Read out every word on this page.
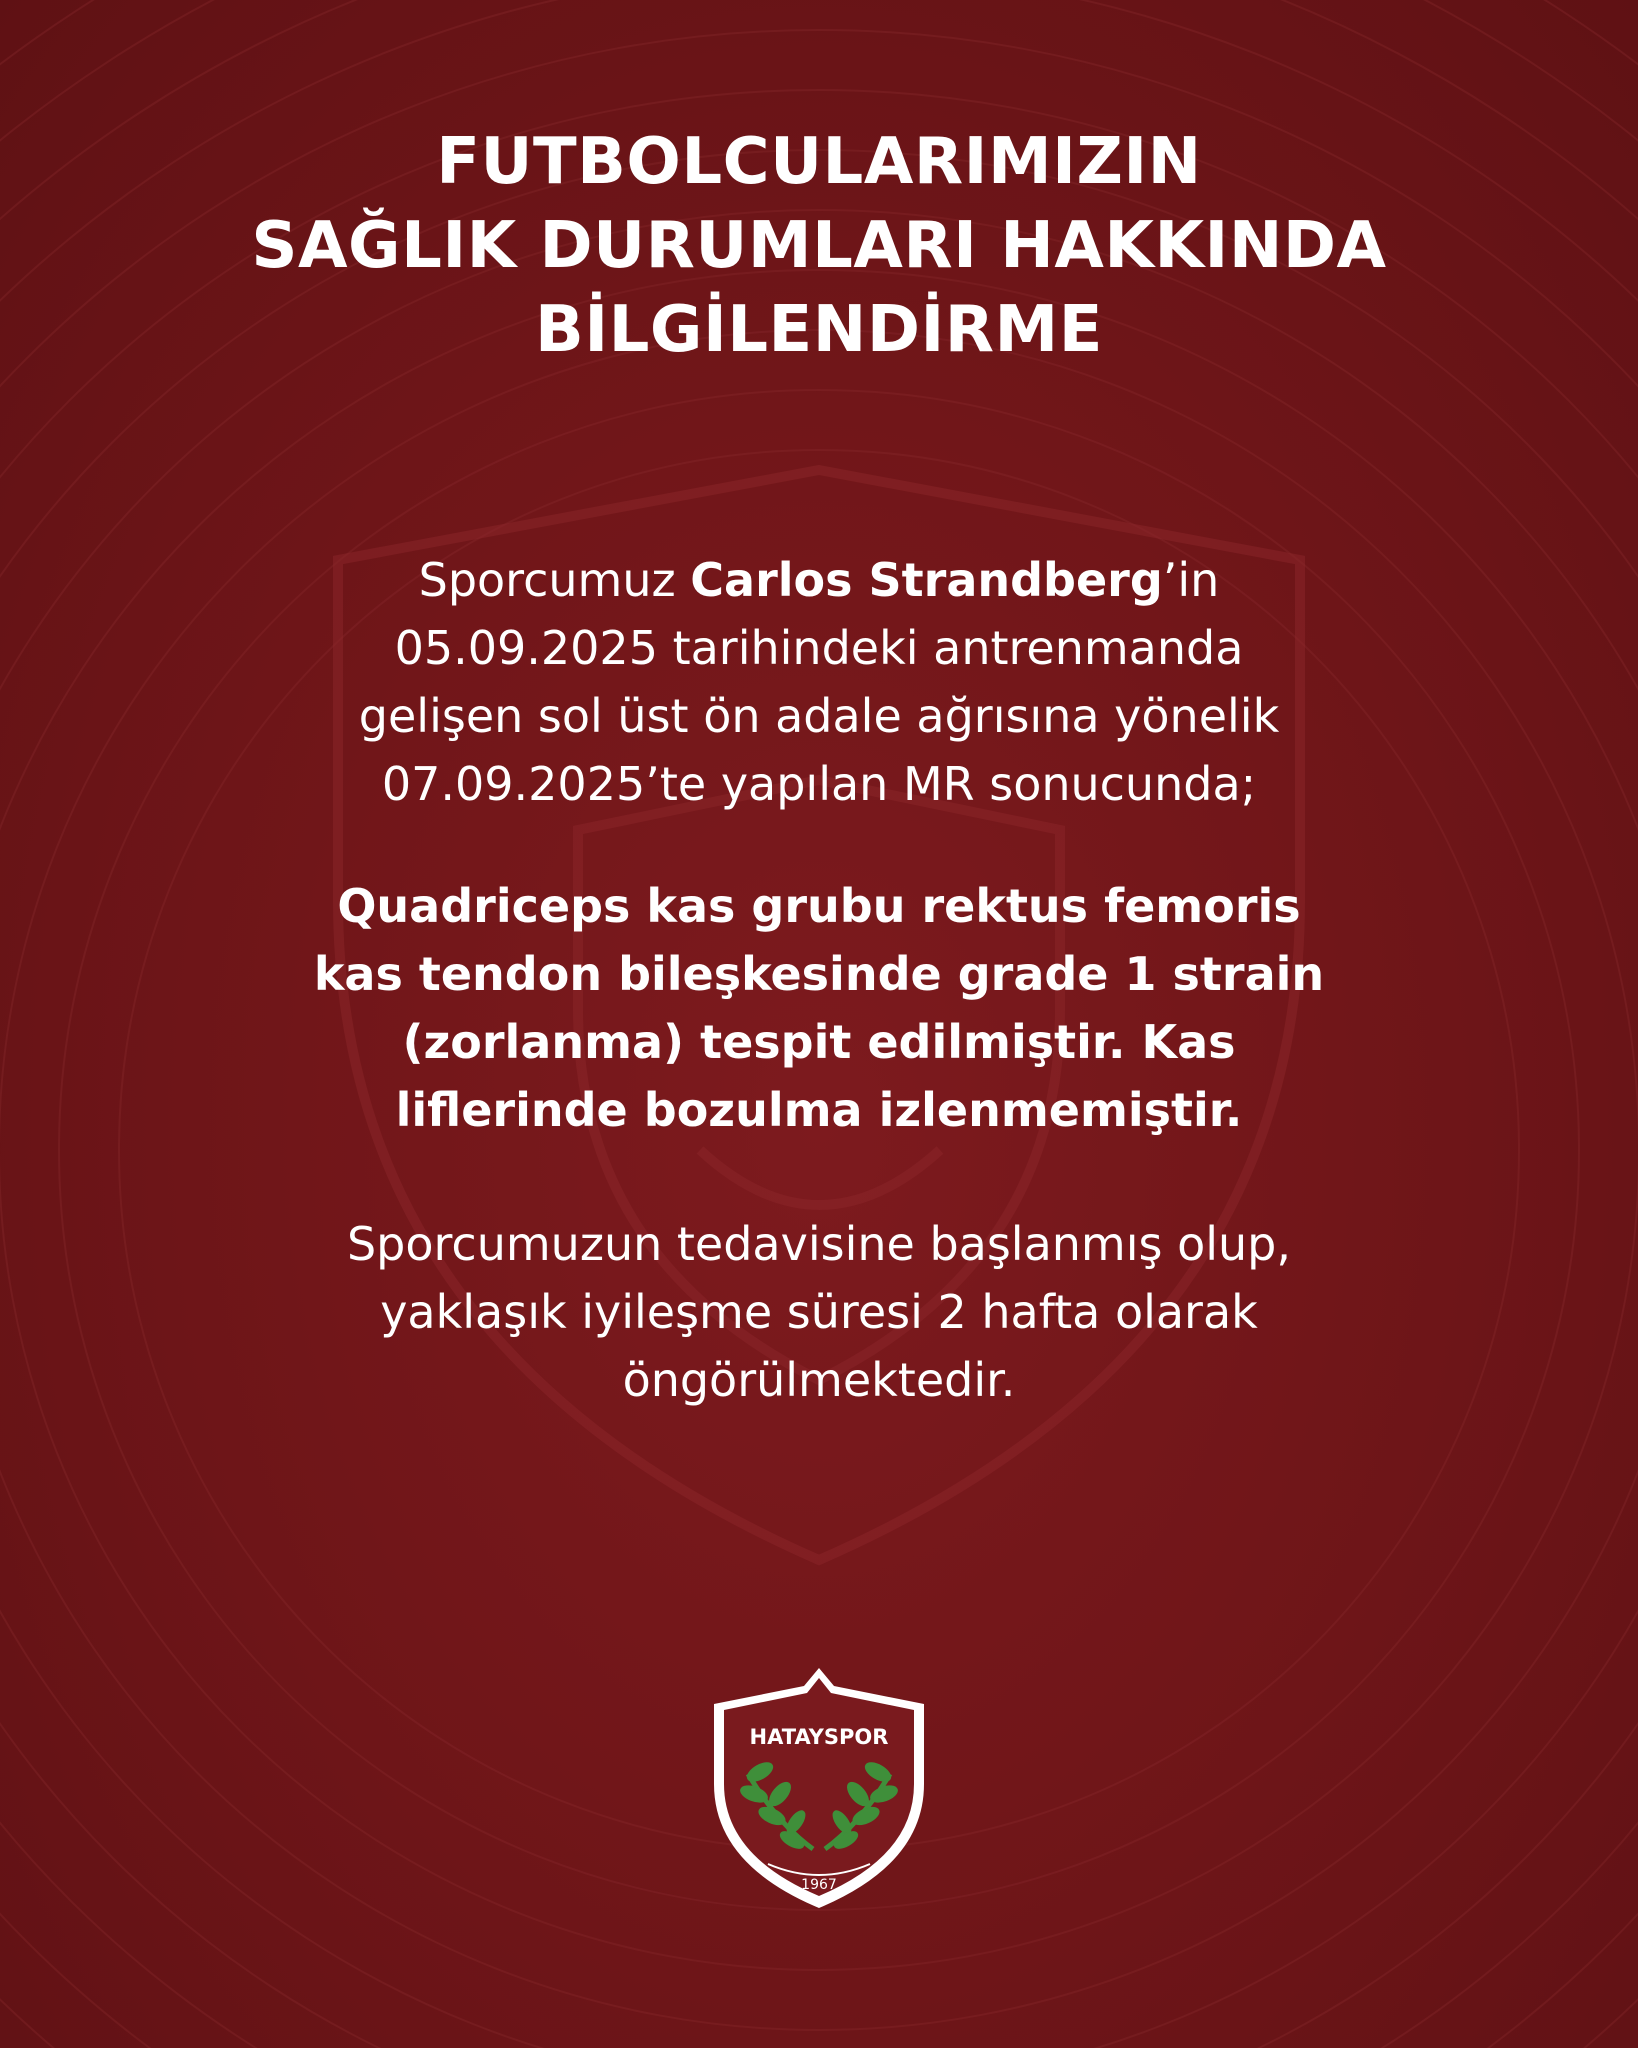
FUTBOLCULARIMIZIN
SAĞLIK DURUMLARI HAKKINDA
BİLGİLENDİRME
Sporcumuz Carlos Strandberg’in
05.09.2025 tarihindeki antrenmanda
gelişen sol üst ön adale ağrısına yönelik
07.09.2025’te yapılan MR sonucunda;
Quadriceps kas grubu rektus femoris
kas tendon bileşkesinde grade 1 strain
(zorlanma) tespit edilmiştir. Kas
liflerinde bozulma izlenmemiştir.
Sporcumuzun tedavisine başlanmış olup,
yaklaşık iyileşme süresi 2 hafta olarak
öngörülmektedir.
HATAYSPOR
1967
